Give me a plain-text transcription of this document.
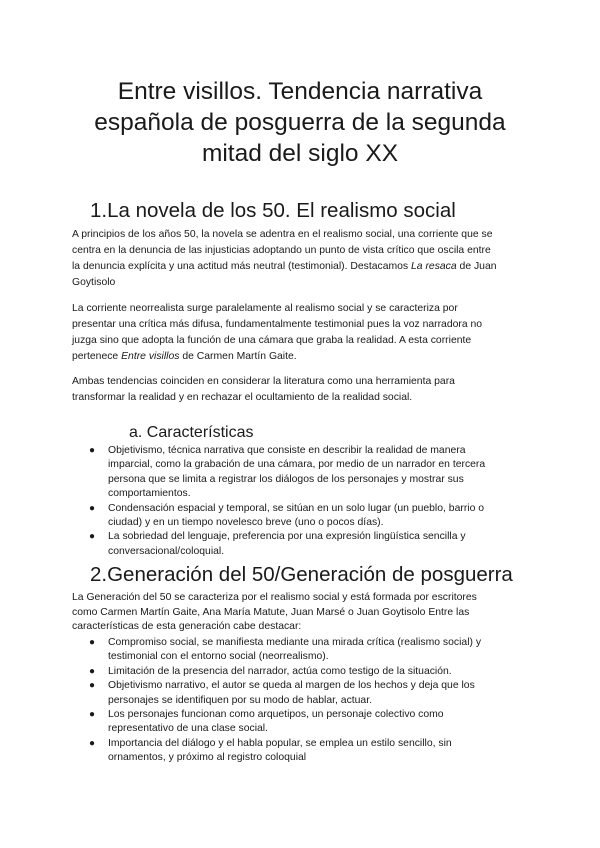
Entre visillos. Tendencia narrativa
española de posguerra de la segunda
mitad del siglo XX
1.La novela de los 50. El realismo social

A principios de los años 50, la novela se adentra en el realismo social, una corriente que se
centra en la denuncia de las injusticias adoptando un punto de vista crítico que oscila entre
la denuncia explícita y una actitud más neutral (testimonial). Destacamos La resaca de Juan
Goytisolo

La corriente neorrealista surge paralelamente al realismo social y se caracteriza por
presentar una crítica más difusa, fundamentalmente testimonial pues la voz narradora no
juzga sino que adopta la función de una cámara que graba la realidad. A esta corriente
pertenece Entre visillos de Carmen Martín Gaite.

Ambas tendencias coinciden en considerar la literatura como una herramienta para
transformar la realidad y en rechazar el ocultamiento de la realidad social.

a. Características
● Objetivismo, técnica narrativa que consiste en describir la realidad de manera
imparcial, como la grabación de una cámara, por medio de un narrador en tercera
persona que se limita a registrar los diálogos de los personajes y mostrar sus
comportamientos.
● Condensación espacial y temporal, se sitúan en un solo lugar (un pueblo, barrio o
ciudad) y en un tiempo novelesco breve (uno o pocos días).
● La sobriedad del lenguaje, preferencia por una expresión lingüística sencilla y
conversacional/coloquial.
2.Generación del 50/Generación de posguerra

La Generación del 50 se caracteriza por el realismo social y está formada por escritores
como Carmen Martín Gaite, Ana María Matute, Juan Marsé o Juan Goytisolo Entre las
características de esta generación cabe destacar:

● Compromiso social, se manifiesta mediante una mirada crítica (realismo social) y
testimonial con el entorno social (neorrealismo).
● Limitación de la presencia del narrador, actúa como testigo de la situación.
● Objetivismo narrativo, el autor se queda al margen de los hechos y deja que los
personajes se identifiquen por su modo de hablar, actuar.
● Los personajes funcionan como arquetipos, un personaje colectivo como
representativo de una clase social.
● Importancia del diálogo y el habla popular, se emplea un estilo sencillo, sin
ornamentos, y próximo al registro coloquial
